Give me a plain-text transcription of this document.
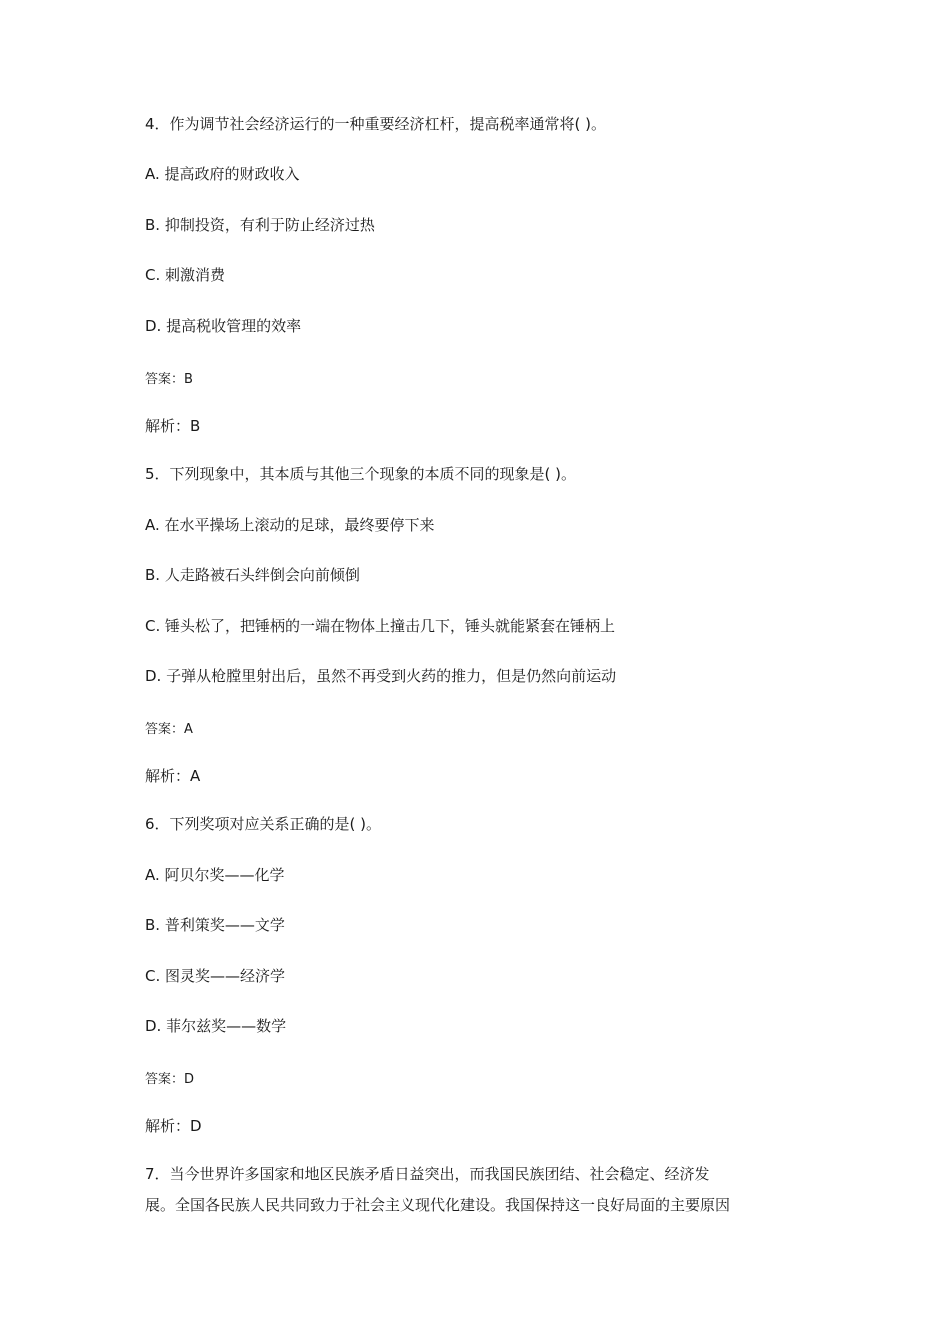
4．作为调节社会经济运行的一种重要经济杠杆，提高税率通常将( )。
A. 提高政府的财政收入
B. 抑制投资，有利于防止经济过热
C. 刺激消费
D. 提高税收管理的效率
答案：B
解析：B
5．下列现象中，其本质与其他三个现象的本质不同的现象是( )。
A. 在水平操场上滚动的足球，最终要停下来
B. 人走路被石头绊倒会向前倾倒
C. 锤头松了，把锤柄的一端在物体上撞击几下，锤头就能紧套在锤柄上
D. 子弹从枪膛里射出后，虽然不再受到火药的推力，但是仍然向前运动
答案：A
解析：A
6．下列奖项对应关系正确的是( )。
A. 阿贝尔奖——化学
B. 普利策奖——文学
C. 图灵奖——经济学
D. 菲尔兹奖——数学
答案：D
解析：D
7．当今世界许多国家和地区民族矛盾日益突出，而我国民族团结、社会稳定、经济发
展。全国各民族人民共同致力于社会主义现代化建设。我国保持这一良好局面的主要原因
